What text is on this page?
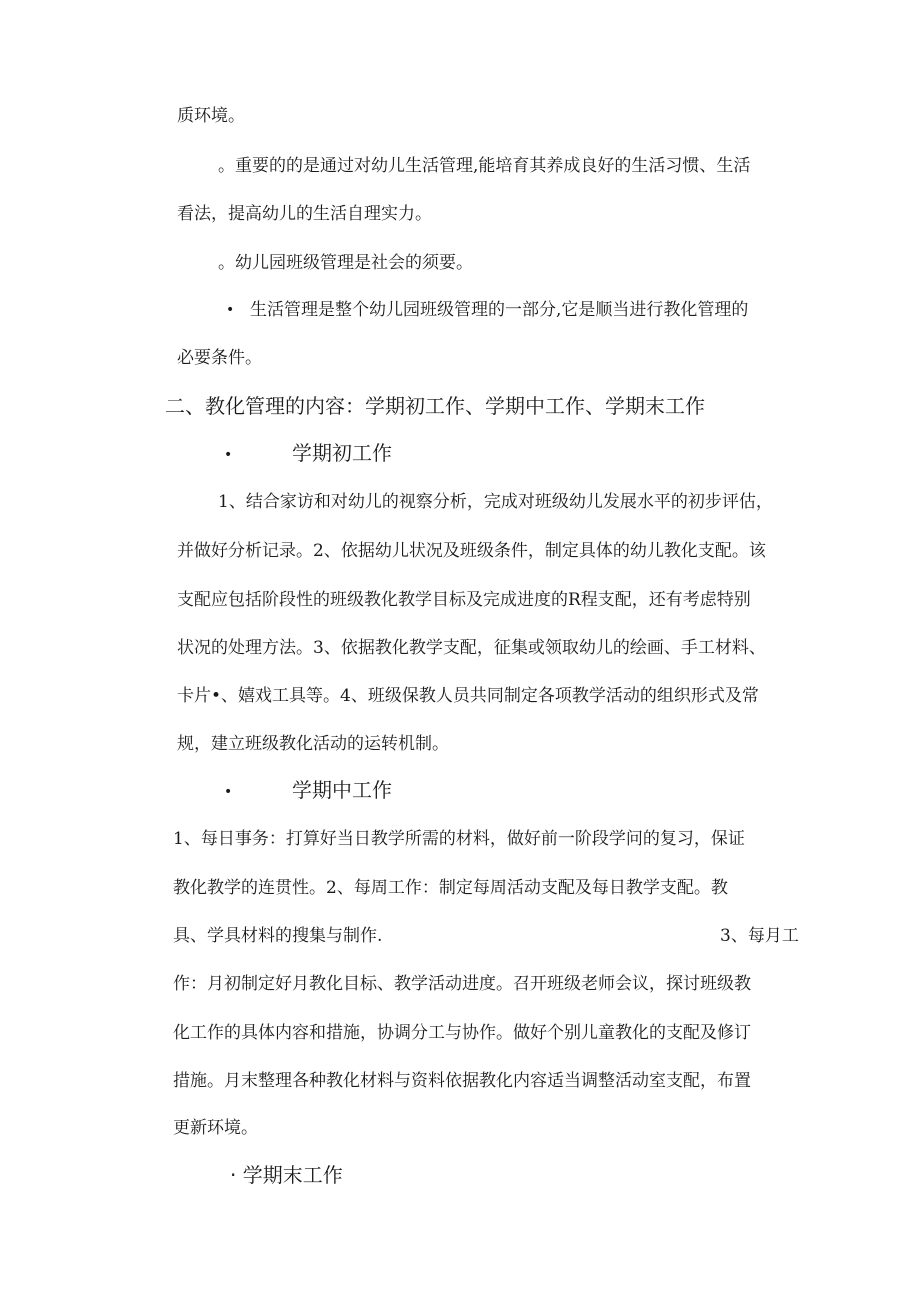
质环境。

。重要的的是通过对幼儿生活管理,能培育其养成良好的生活习惯、生活

看法，提高幼儿的生活自理实力。

。幼儿园班级管理是社会的须要。

• 生活管理是整个幼儿园班级管理的一部分,它是顺当进行教化管理的

必要条件。

二、教化管理的内容：学期初工作、学期中工作、学期末工作

•	学期初工作

1、结合家访和对幼儿的视察分析，完成对班级幼儿发展水平的初步评估，

并做好分析记录。2、依据幼儿状况及班级条件，制定具体的幼儿教化支配。该

支配应包括阶段性的班级教化教学目标及完成进度的R程支配，还有考虑特别

状况的处理方法。3、依据教化教学支配，征集或领取幼儿的绘画、手工材料、

卡片•、嬉戏工具等。4、班级保教人员共同制定各项教学活动的组织形式及常

规，建立班级教化活动的运转机制。

•	学期中工作

1、每日事务：打算好当日教学所需的材料，做好前一阶段学问的复习，保证

教化教学的连贯性。2、每周工作：制定每周活动支配及每日教学支配。教

具、学具材料的搜集与制作.	3、每月工

作：月初制定好月教化目标、教学活动进度。召开班级老师会议，探讨班级教

化工作的具体内容和措施，协调分工与协作。做好个别儿童教化的支配及修订

措施。月末整理各种教化材料与资料依据教化内容适当调整活动室支配，布置

更新环境。

· 学期末工作
